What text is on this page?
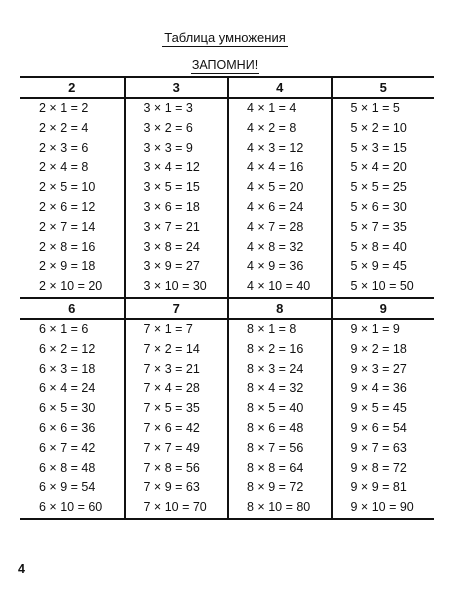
Таблица умножения
ЗАПОМНИ!
2
2 × 1 = 2
2 × 2 = 4
2 × 3 = 6
2 × 4 = 8
2 × 5 = 10
2 × 6 = 12
2 × 7 = 14
2 × 8 = 16
2 × 9 = 18
2 × 10 = 20
3
3 × 1 = 3
3 × 2 = 6
3 × 3 = 9
3 × 4 = 12
3 × 5 = 15
3 × 6 = 18
3 × 7 = 21
3 × 8 = 24
3 × 9 = 27
3 × 10 = 30
4
4 × 1 = 4
4 × 2 = 8
4 × 3 = 12
4 × 4 = 16
4 × 5 = 20
4 × 6 = 24
4 × 7 = 28
4 × 8 = 32
4 × 9 = 36
4 × 10 = 40
5
5 × 1 = 5
5 × 2 = 10
5 × 3 = 15
5 × 4 = 20
5 × 5 = 25
5 × 6 = 30
5 × 7 = 35
5 × 8 = 40
5 × 9 = 45
5 × 10 = 50
6
6 × 1 = 6
6 × 2 = 12
6 × 3 = 18
6 × 4 = 24
6 × 5 = 30
6 × 6 = 36
6 × 7 = 42
6 × 8 = 48
6 × 9 = 54
6 × 10 = 60
7
7 × 1 = 7
7 × 2 = 14
7 × 3 = 21
7 × 4 = 28
7 × 5 = 35
7 × 6 = 42
7 × 7 = 49
7 × 8 = 56
7 × 9 = 63
7 × 10 = 70
8
8 × 1 = 8
8 × 2 = 16
8 × 3 = 24
8 × 4 = 32
8 × 5 = 40
8 × 6 = 48
8 × 7 = 56
8 × 8 = 64
8 × 9 = 72
8 × 10 = 80
9
9 × 1 = 9
9 × 2 = 18
9 × 3 = 27
9 × 4 = 36
9 × 5 = 45
9 × 6 = 54
9 × 7 = 63
9 × 8 = 72
9 × 9 = 81
9 × 10 = 90
4
